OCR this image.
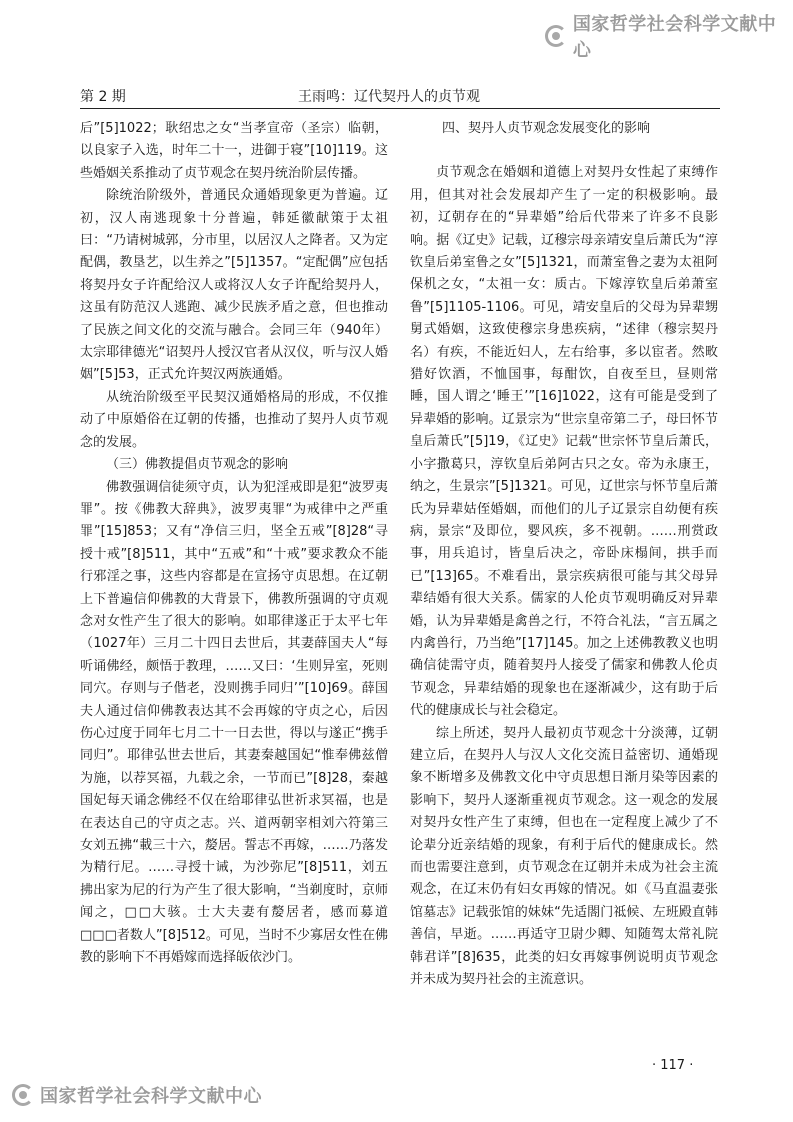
国家哲学社会科学文献中心
第 2 期	王雨鸣：辽代契丹人的贞节观

后”[5]1022；耿绍忠之女“当孝宣帝（圣宗）临朝，以良家子入选，时年二十一，进御于寝”[10]119。这些婚姻关系推动了贞节观念在契丹统治阶层传播。

除统治阶级外，普通民众通婚现象更为普遍。辽初，汉人南逃现象十分普遍，韩延徽献策于太祖曰：“乃请树城郭，分市里，以居汉人之降者。又为定配偶，教垦艺，以生养之”[5]1357。“定配偶”应包括将契丹女子许配给汉人或将汉人女子许配给契丹人，这虽有防范汉人逃跑、减少民族矛盾之意，但也推动了民族之间文化的交流与融合。会同三年（940年）太宗耶律德光“诏契丹人授汉官者从汉仪，听与汉人婚姻”[5]53，正式允许契汉两族通婚。

从统治阶级至平民契汉通婚格局的形成，不仅推动了中原婚俗在辽朝的传播，也推动了契丹人贞节观念的发展。

（三）佛教提倡贞节观念的影响

佛教强调信徒须守贞，认为犯淫戒即是犯“波罗夷罪”。按《佛教大辞典》，波罗夷罪“为戒律中之严重罪”[15]853；又有“净信三归，坚全五戒”[8]28“寻授十戒”[8]511，其中“五戒”和“十戒”要求教众不能行邪淫之事，这些内容都是在宣扬守贞思想。在辽朝上下普遍信仰佛教的大背景下，佛教所强调的守贞观念对女性产生了很大的影响。如耶律遂正于太平七年（1027年）三月二十四日去世后，其妻薛国夫人“每听诵佛经，颇悟于教理，……又曰：‘生则异室，死则同穴。存则与子偕老，没则携手同归’”[10]69。薛国夫人通过信仰佛教表达其不会再嫁的守贞之心，后因伤心过度于同年七月二十一日去世，得以与遂正“携手同归”。耶律弘世去世后，其妻秦越国妃“惟奉佛兹僧为施，以荐冥福，九载之余，一节而已”[8]28，秦越国妃每天诵念佛经不仅在给耶律弘世祈求冥福，也是在表达自己的守贞之志。兴、道两朝宰相刘六符第三女刘五拂“載三十六，嫠居。誓志不再嫁，……乃落发为精行尼。……寻授十诫，为沙弥尼”[8]511，刘五拂出家为尼的行为产生了很大影响，“当剃度时，京师闻之，□□大骇。士大夫妻有嫠居者，感而募道□□□者数人”[8]512。可见，当时不少寡居女性在佛教的影响下不再婚嫁而选择皈依沙门。

四、契丹人贞节观念发展变化的影响

贞节观念在婚姻和道德上对契丹女性起了束缚作用，但其对社会发展却产生了一定的积极影响。最初，辽朝存在的“异辈婚”给后代带来了许多不良影响。据《辽史》记载，辽穆宗母亲靖安皇后萧氏为“淳钦皇后弟室鲁之女”[5]1321，而萧室鲁之妻为太祖阿保机之女，“太祖一女：质古。下嫁淳钦皇后弟萧室鲁”[5]1105-1106。可见，靖安皇后的父母为异辈甥舅式婚姻，这致使穆宗身患疾病，“述律（穆宗契丹名）有疾，不能近妇人，左右给事，多以宦者。然畋猎好饮酒，不恤国事，每酣饮，自夜至旦，昼则常睡，国人谓之‘睡王’”[16]1022，这有可能是受到了异辈婚的影响。辽景宗为“世宗皇帝第二子，母曰怀节皇后萧氏”[5]19，《辽史》记载“世宗怀节皇后萧氏，小字撒葛只，淳钦皇后弟阿古只之女。帝为永康王，纳之，生景宗”[5]1321。可见，辽世宗与怀节皇后萧氏为异辈姑侄婚姻，而他们的儿子辽景宗自幼便有疾病，景宗“及即位，婴风疾，多不视朝。……刑赏政事，用兵追讨，皆皇后决之，帝卧床榻间，拱手而已”[13]65。不难看出，景宗疾病很可能与其父母异辈结婚有很大关系。儒家的人伦贞节观明确反对异辈婚，认为异辈婚是禽兽之行，不符合礼法，“言五属之内禽兽行，乃当绝”[17]145。加之上述佛教教义也明确信徒需守贞，随着契丹人接受了儒家和佛教人伦贞节观念，异辈结婚的现象也在逐渐减少，这有助于后代的健康成长与社会稳定。

综上所述，契丹人最初贞节观念十分淡薄，辽朝建立后，在契丹人与汉人文化交流日益密切、通婚现象不断增多及佛教文化中守贞思想日渐月染等因素的影响下，契丹人逐渐重视贞节观念。这一观念的发展对契丹女性产生了束缚，但也在一定程度上减少了不论辈分近亲结婚的现象，有利于后代的健康成长。然而也需要注意到，贞节观念在辽朝并未成为社会主流观念，在辽末仍有妇女再嫁的情况。如《马直温妻张馆墓志》记载张馆的妹妹“先适閤门祗候、左班殿直韩善信，早逝。……再适守卫尉少卿、知随驾太常礼院韩君详”[8]635，此类的妇女再嫁事例说明贞节观念并未成为契丹社会的主流意识。

· 117 ·
国家哲学社会科学文献中心
